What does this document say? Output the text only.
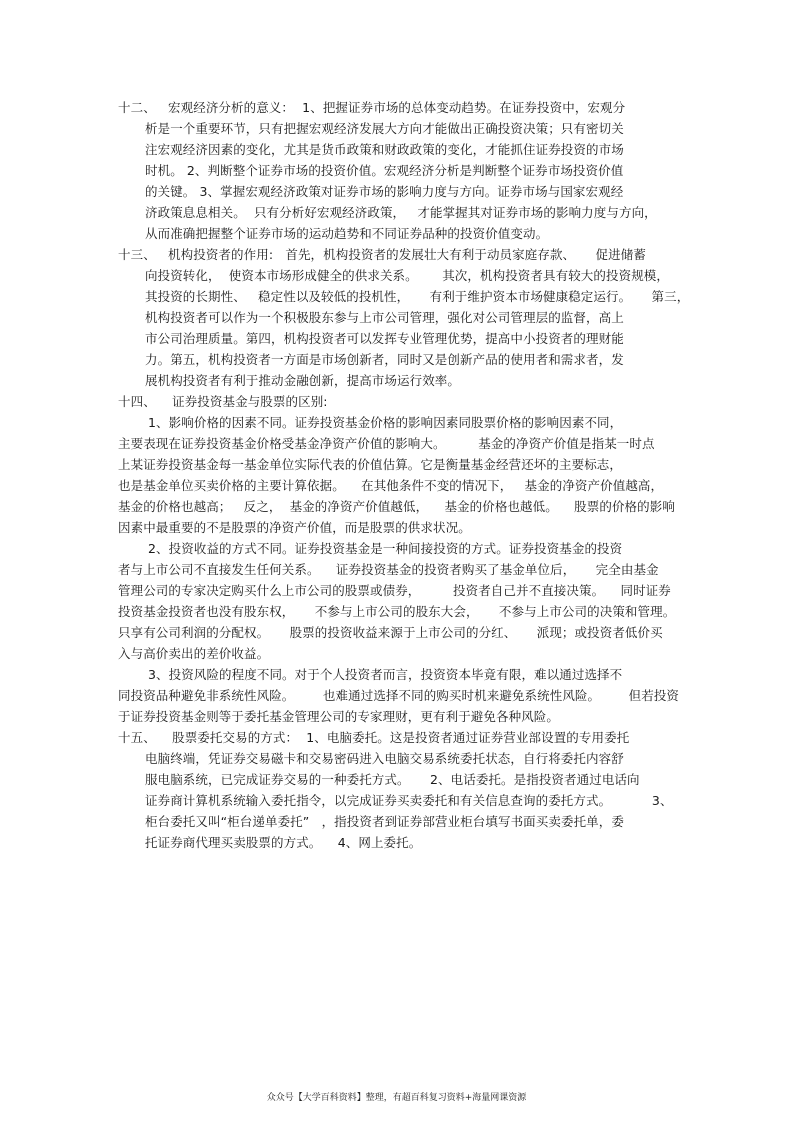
十二、   宏观经济分析的意义：  1、把握证券市场的总体变动趋势。在证券投资中，宏观分
析是一个重要环节，只有把握宏观经济发展大方向才能做出正确投资决策；只有密切关
注宏观经济因素的变化，尤其是货币政策和财政政策的变化，才能抓住证券投资的市场
时机。 2、判断整个证券市场的投资价值。宏观经济分析是判断整个证券市场投资价值
的关键。 3、掌握宏观经济政策对证券市场的影响力度与方向。证券市场与国家宏观经
济政策息息相关。  只有分析好宏观经济政策，   才能掌握其对证券市场的影响力度与方向，
从而准确把握整个证券市场的运动趋势和不同证券品种的投资价值变动。
十三、   机构投资者的作用:   首先，机构投资者的发展壮大有利于动员家庭存款、     促进储蓄
向投资转化，  使资本市场形成健全的供求关系。      其次，机构投资者具有较大的投资规模，
其投资的长期性、   稳定性以及较低的投机性，     有利于维护资本市场健康稳定运行。     第三，
机构投资者可以作为一个积极股东参与上市公司管理，强化对公司管理层的监督，高上
市公司治理质量。第四，机构投资者可以发挥专业管理优势，提高中小投资者的理财能
力。第五，机构投资者一方面是市场创新者，同时又是创新产品的使用者和需求者，发
展机构投资者有利于推动金融创新，提高市场运行效率。
十四、    证券投资基金与股票的区别:
1、影响价格的因素不同。证券投资基金价格的影响因素同股票价格的影响因素不同，
主要表现在证券投资基金价格受基金净资产价值的影响大。        基金的净资产价值是指某一时点
上某证券投资基金每一基金单位实际代表的价值估算。它是衡量基金经营还坏的主要标志，
也是基金单位买卖价格的主要计算依据。    在其他条件不变的情况下，   基金的净资产价值越高，
基金的价格也越高；   反之，  基金的净资产价值越低，    基金的价格也越低。    股票的价格的影响
因素中最重要的不是股票的净资产价值，而是股票的供求状况。
2、投资收益的方式不同。证券投资基金是一种间接投资的方式。证券投资基金的投资
者与上市公司不直接发生任何关系。    证券投资基金的投资者购买了基金单位后，     完全由基金
管理公司的专家决定购买什么上市公司的股票或债券，        投资者自己并不直接决策。    同时证券
投资基金投资者也没有股东权，     不参与上市公司的股东大会，     不参与上市公司的决策和管理。
只享有公司利润的分配权。     股票的投资收益来源于上市公司的分红、     派现；或投资者低价买
入与高价卖出的差价收益。
3、投资风险的程度不同。对于个人投资者而言，投资资本毕竟有限，难以通过选择不
同投资品种避免非系统性风险。       也难通过选择不同的购买时机来避免系统性风险。       但若投资
于证券投资基金则等于委托基金管理公司的专家理财，更有利于避免各种风险。
十五、    股票委托交易的方式：  1、电脑委托。这是投资者通过证券营业部设置的专用委托
电脑终端，凭证券交易磁卡和交易密码进入电脑交易系统委托状态，自行将委托内容舒
服电脑系统，已完成证券交易的一种委托方式。     2、电话委托。是指投资者通过电话向
证券商计算机系统输入委托指令，以完成证券买卖委托和有关信息查询的委托方式。          3、
柜台委托又叫“柜台递单委托”   ，指投资者到证券部营业柜台填写书面买卖委托单，委
托证券商代理买卖股票的方式。    4、网上委托。
众众号【大学百科资料】整理，有超百科复习资料+海量网课资源
